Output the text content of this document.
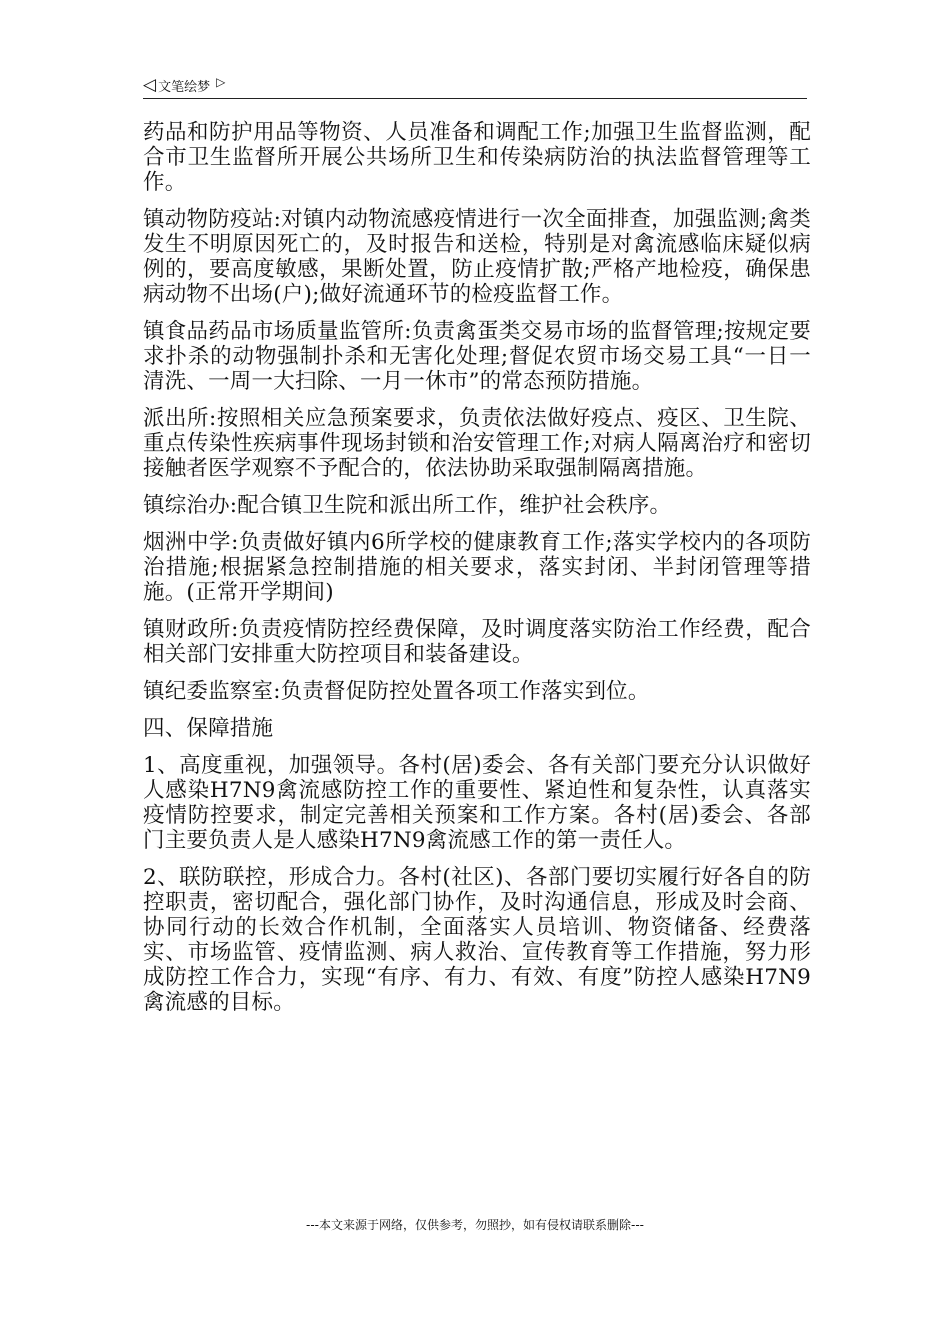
◁ 文笔绘梦 ▷

药品和防护用品等物资、人员准备和调配工作;加强卫生监督监测，配合市卫生监督所开展公共场所卫生和传染病防治的执法监督管理等工作。

镇动物防疫站:对镇内动物流感疫情进行一次全面排查，加强监测;禽类发生不明原因死亡的，及时报告和送检，特别是对禽流感临床疑似病例的，要高度敏感，果断处置，防止疫情扩散;严格产地检疫，确保患病动物不出场(户);做好流通环节的检疫监督工作。

镇食品药品市场质量监管所:负责禽蛋类交易市场的监督管理;按规定要求扑杀的动物强制扑杀和无害化处理;督促农贸市场交易工具“一日一清洗、一周一大扫除、一月一休市”的常态预防措施。

派出所:按照相关应急预案要求，负责依法做好疫点、疫区、卫生院、重点传染性疾病事件现场封锁和治安管理工作;对病人隔离治疗和密切接触者医学观察不予配合的，依法协助采取强制隔离措施。

镇综治办:配合镇卫生院和派出所工作，维护社会秩序。

烟洲中学:负责做好镇内6所学校的健康教育工作;落实学校内的各项防治措施;根据紧急控制措施的相关要求，落实封闭、半封闭管理等措施。(正常开学期间)

镇财政所:负责疫情防控经费保障，及时调度落实防治工作经费，配合相关部门安排重大防控项目和装备建设。

镇纪委监察室:负责督促防控处置各项工作落实到位。

四、保障措施

1、高度重视，加强领导。各村(居)委会、各有关部门要充分认识做好人感染H7N9禽流感防控工作的重要性、紧迫性和复杂性，认真落实疫情防控要求，制定完善相关预案和工作方案。各村(居)委会、各部门主要负责人是人感染H7N9禽流感工作的第一责任人。

2、联防联控，形成合力。各村(社区)、各部门要切实履行好各自的防控职责，密切配合，强化部门协作，及时沟通信息，形成及时会商、协同行动的长效合作机制，全面落实人员培训、物资储备、经费落实、市场监管、疫情监测、病人救治、宣传教育等工作措施，努力形成防控工作合力，实现“有序、有力、有效、有度”防控人感染H7N9禽流感的目标。

---本文来源于网络，仅供参考，勿照抄，如有侵权请联系删除---
